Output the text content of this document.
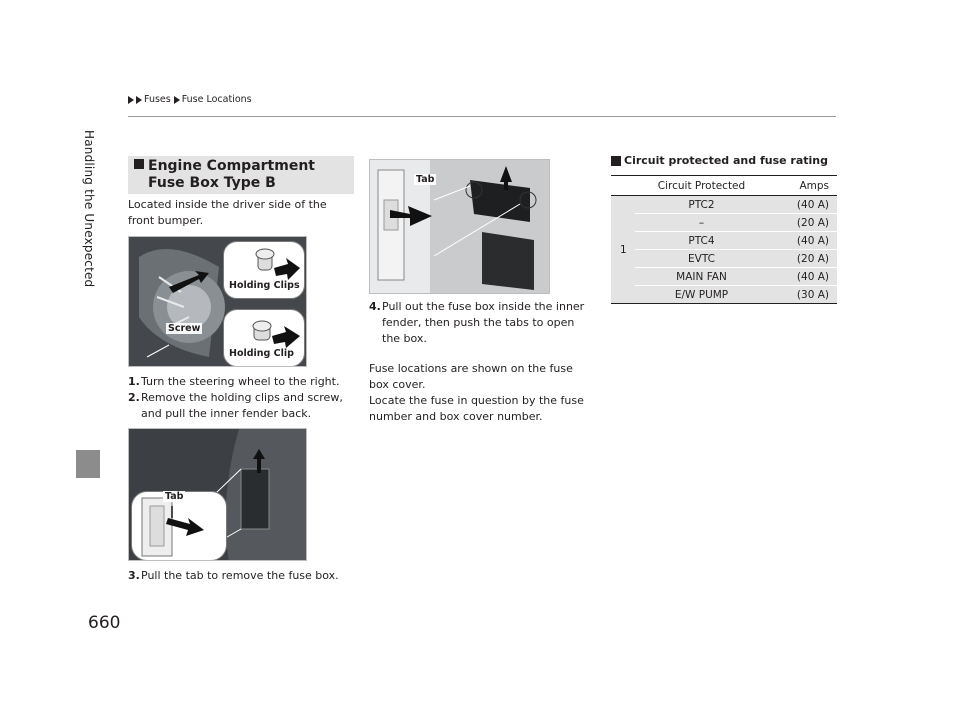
Fuses Fuse Locations
Handling the Unexpected
660
Engine Compartment Fuse Box Type B
Located inside the driver side of the front bumper.
Holding Clips
Screw
Holding Clip
1. Turn the steering wheel to the right.
2. Remove the holding clips and screw, and pull the inner fender back.
Tab
3. Pull the tab to remove the fuse box.
Tab
4. Pull out the fuse box inside the inner fender, then push the tabs to open the box.
Fuse locations are shown on the fuse box cover.
Locate the fuse in question by the fuse number and box cover number.
Circuit protected and fuse rating
	Circuit Protected	Amps
1	PTC2	(40 A)
	–	(20 A)
	PTC4	(40 A)
	EVTC	(20 A)
	MAIN FAN	(40 A)
	E/W PUMP	(30 A)
